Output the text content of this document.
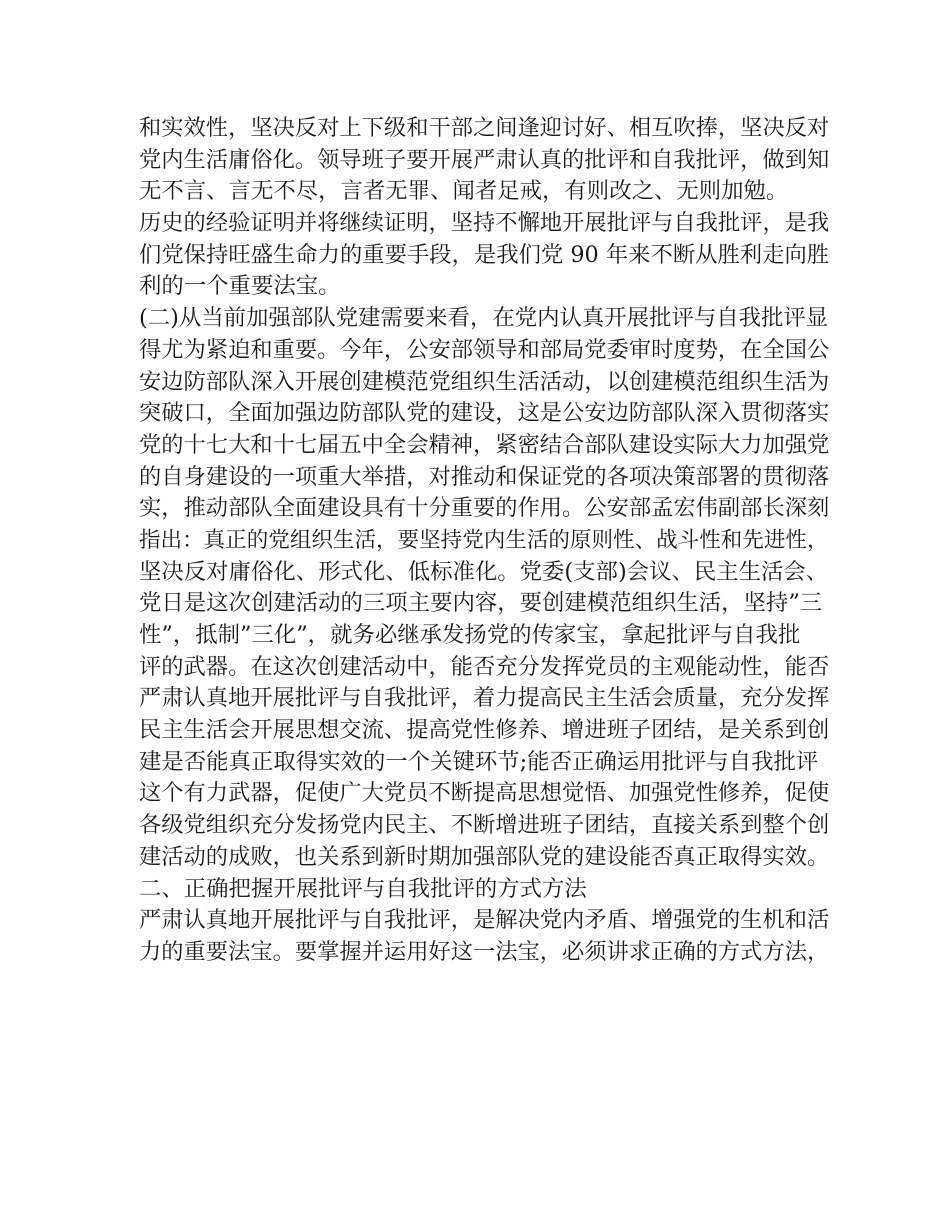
和实效性，坚决反对上下级和干部之间逢迎讨好、相互吹捧，坚决反对
党内生活庸俗化。领导班子要开展严肃认真的批评和自我批评，做到知
无不言、言无不尽，言者无罪、闻者足戒，有则改之、无则加勉。
历史的经验证明并将继续证明，坚持不懈地开展批评与自我批评，是我
们党保持旺盛生命力的重要手段，是我们党 90 年来不断从胜利走向胜
利的一个重要法宝。
(二)从当前加强部队党建需要来看，在党内认真开展批评与自我批评显
得尤为紧迫和重要。今年，公安部领导和部局党委审时度势，在全国公
安边防部队深入开展创建模范党组织生活活动，以创建模范组织生活为
突破口，全面加强边防部队党的建设，这是公安边防部队深入贯彻落实
党的十七大和十七届五中全会精神，紧密结合部队建设实际大力加强党
的自身建设的一项重大举措，对推动和保证党的各项决策部署的贯彻落
实，推动部队全面建设具有十分重要的作用。公安部孟宏伟副部长深刻
指出：真正的党组织生活，要坚持党内生活的原则性、战斗性和先进性，
坚决反对庸俗化、形式化、低标准化。党委(支部)会议、民主生活会、
党日是这次创建活动的三项主要内容，要创建模范组织生活，坚持”三
性”，抵制”三化”，就务必继承发扬党的传家宝，拿起批评与自我批
评的武器。在这次创建活动中，能否充分发挥党员的主观能动性，能否
严肃认真地开展批评与自我批评，着力提高民主生活会质量，充分发挥
民主生活会开展思想交流、提高党性修养、增进班子团结，是关系到创
建是否能真正取得实效的一个关键环节;能否正确运用批评与自我批评
这个有力武器，促使广大党员不断提高思想觉悟、加强党性修养，促使
各级党组织充分发扬党内民主、不断增进班子团结，直接关系到整个创
建活动的成败，也关系到新时期加强部队党的建设能否真正取得实效。
二、正确把握开展批评与自我批评的方式方法
严肃认真地开展批评与自我批评，是解决党内矛盾、增强党的生机和活
力的重要法宝。要掌握并运用好这一法宝，必须讲求正确的方式方法，
